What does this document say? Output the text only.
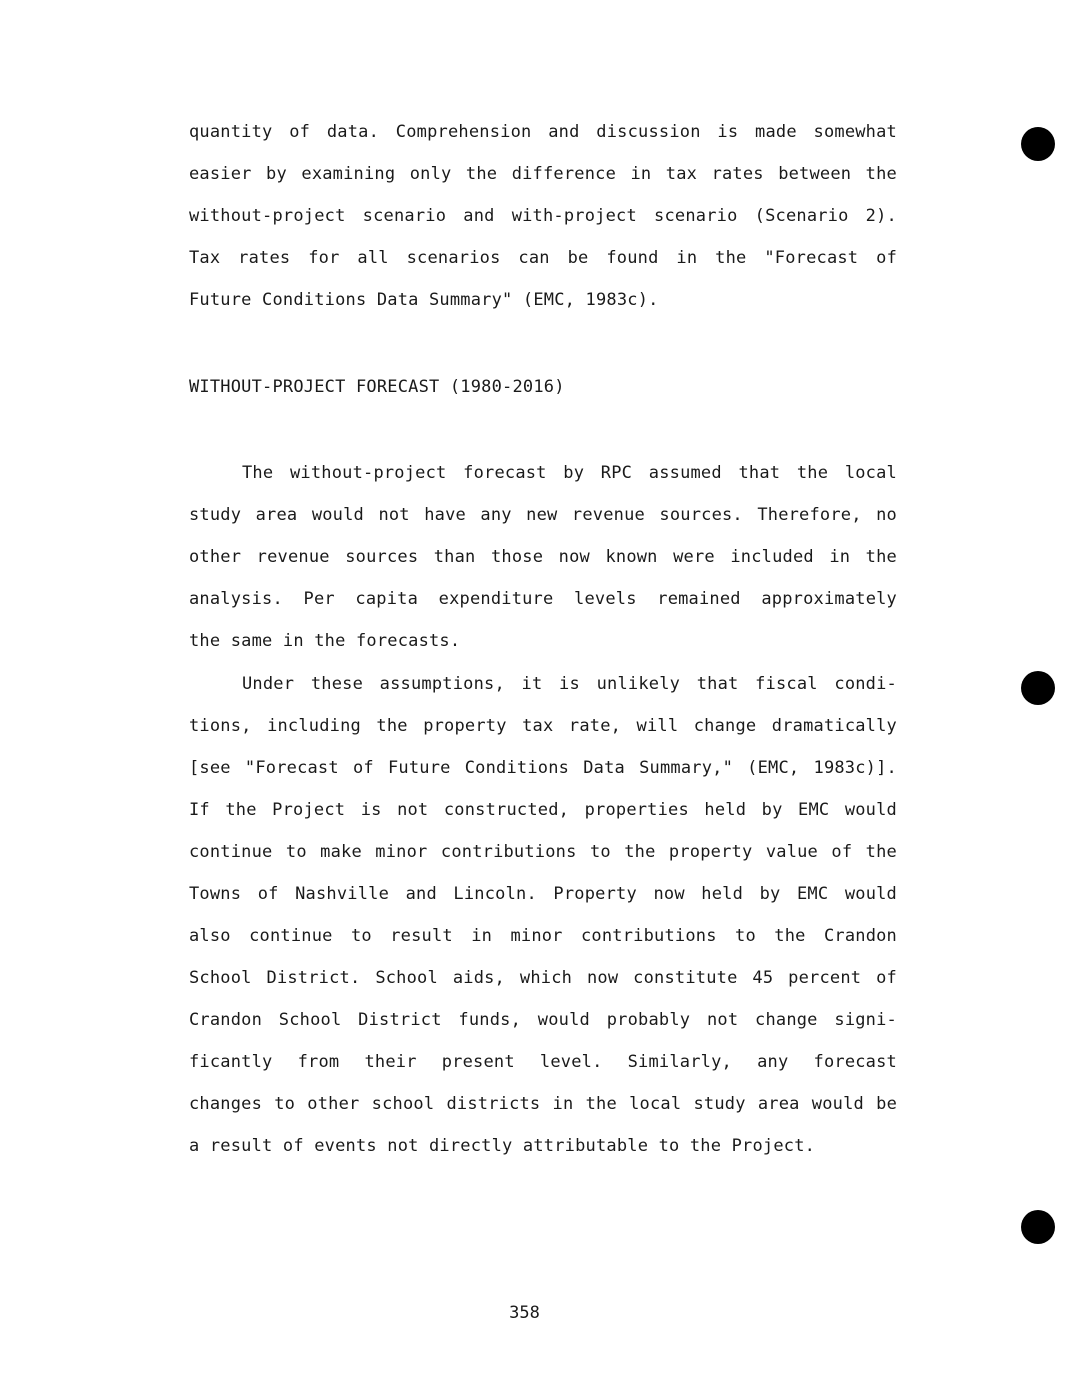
quantity of data. Comprehension and discussion is made somewhat
easier by examining only the difference in tax rates between the
without-project scenario and with-project scenario (Scenario 2).
Tax rates for all scenarios can be found in the "Forecast of
Future Conditions Data Summary" (EMC, 1983c).
WITHOUT-PROJECT FORECAST (1980-2016)
The without-project forecast by RPC assumed that the local
study area would not have any new revenue sources. Therefore, no
other revenue sources than those now known were included in the
analysis. Per capita expenditure levels remained approximately
the same in the forecasts.
Under these assumptions, it is unlikely that fiscal condi-
tions, including the property tax rate, will change dramatically
[see "Forecast of Future Conditions Data Summary," (EMC, 1983c)].
If the Project is not constructed, properties held by EMC would
continue to make minor contributions to the property value of the
Towns of Nashville and Lincoln. Property now held by EMC would
also continue to result in minor contributions to the Crandon
School District. School aids, which now constitute 45 percent of
Crandon School District funds, would probably not change signi-
ficantly from their present level. Similarly, any forecast
changes to other school districts in the local study area would be
a result of events not directly attributable to the Project.
358
